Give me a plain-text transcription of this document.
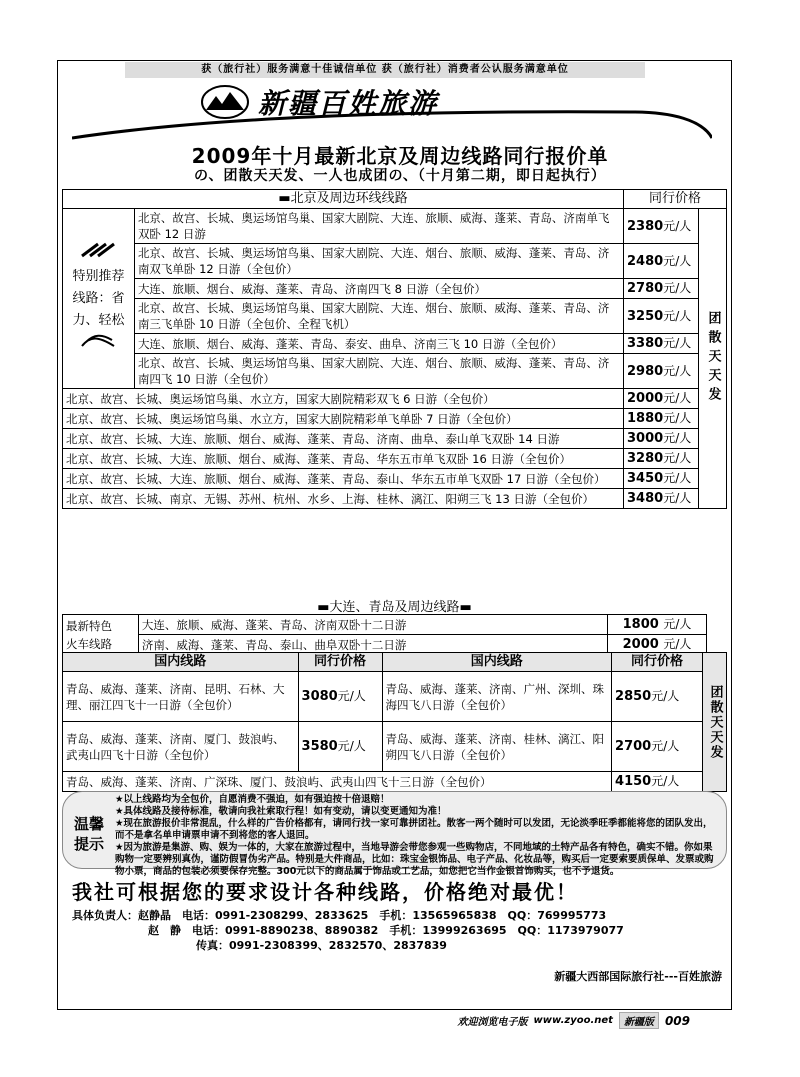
获（旅行社）服务满意十佳诚信单位 获（旅行社）消费者公认服务满意单位
新疆百姓旅游
2009年十月最新北京及周边线路同行报价单
の、团散天天发、一人也成团の、（十月第二期，即日起执行）
▬北京及周边环线线路		同行价格	

特别推荐线路：省力、轻松	北京、故宫、长城、奥运场馆鸟巢、国家大剧院、大连、旅顺、威海、蓬莱、青岛、济南单飞双卧 12 日游	2380元/人	团散天天发
	北京、故宫、长城、奥运场馆鸟巢、国家大剧院、大连、烟台、旅顺、威海、蓬莱、青岛、济南双飞单卧 12 日游（全包价）	2480元/人	
	大连、旅顺、烟台、威海、蓬莱、青岛、济南四飞 8 日游（全包价）	2780元/人	
	北京、故宫、长城、奥运场馆鸟巢、国家大剧院、大连、烟台、旅顺、威海、蓬莱、青岛、济南三飞单卧 10 日游（全包价、全程飞机）	3250元/人	
	大连、旅顺、烟台、威海、蓬莱、青岛、泰安、曲阜、济南三飞 10 日游（全包价）	3380元/人	
	北京、故宫、长城、奥运场馆鸟巢、国家大剧院、大连、烟台、旅顺、威海、蓬莱、青岛、济南四飞 10 日游（全包价）	2980元/人	
北京、故宫、长城、奥运场馆鸟巢、水立方，国家大剧院精彩双飞 6 日游（全包价）		2000元/人	
北京、故宫、长城、奥运场馆鸟巢、水立方，国家大剧院精彩单飞单卧 7 日游（全包价）		1880元/人	
北京、故宫、长城、大连、旅顺、烟台、威海、蓬莱、青岛、济南、曲阜、泰山单飞双卧 14 日游		3000元/人	
北京、故宫、长城、大连、旅顺、烟台、威海、蓬莱、青岛、华东五市单飞双卧 16 日游（全包价）		3280元/人	
北京、故宫、长城、大连、旅顺、烟台、威海、蓬莱、青岛、泰山、华东五市单飞双卧 17 日游（全包价）		3450元/人	
北京、故宫、长城、南京、无锡、苏州、杭州、水乡、上海、桂林、漓江、阳朔三飞 13 日游（全包价）		3480元/人	
▬大连、青岛及周边线路▬
最新特色
火车线路	大连、旅顺、威海、蓬莱、青岛、济南双卧十二日游	1800 元/人
	济南、威海、蓬莱、青岛、泰山、曲阜双卧十二日游	2000 元/人
国内线路	同行价格	国内线路	同行价格	团散天天发
青岛、威海、蓬莱、济南、昆明、石林、大理、丽江四飞十一日游（全包价）	3080元/人	青岛、威海、蓬莱、济南、广州、深圳、珠海四飞八日游（全包价）	2850元/人	
青岛、威海、蓬莱、济南、厦门、鼓浪屿、武夷山四飞十日游（全包价）	3580元/人	青岛、威海、蓬莱、济南、桂林、漓江、阳朔四飞八日游（全包价）	2700元/人	
青岛、威海、蓬莱、济南、广深珠、厦门、鼓浪屿、武夷山四飞十三日游（全包价）			4150元/人	
温馨提示
★以上线路均为全包价，自愿消费不强迫，如有强迫按十倍退赔！
★具体线路及接待标准，敬请向我社索取行程！如有变动，请以变更通知为准！
★现在旅游报价非常混乱，什么样的广告价格都有，请同行找一家可靠拼团社。散客一两个随时可以发团，无论淡季旺季都能将您的团队发出，而不是拿名单申请票申请不到将您的客人退回。
★因为旅游是集游、购、娱为一体的，大家在旅游过程中，当地导游会带您参观一些购物店，不同地域的土特产品各有特色，确实不错。你如果购物一定要辨别真伪，谨防假冒伪劣产品。特别是大件商品，比如：珠宝金银饰品、电子产品、化妆品等，购买后一定要索要质保单、发票或购物小票，商品的包装必须要保存完整。300元以下的商品属于饰品或工艺品，如您把它当作金银首饰购买，也不予退货。
我社可根据您的要求设计各种线路，价格绝对最优！
具体负责人：赵静晶　 电话：0991-2308299、2833625　 手机：13565965838　 QQ：769995773
赵　静　 电话：0991-8890238、8890382　 手机：13999263695　 QQ：1173979077
传真：0991-2308399、2832570、2837839
新疆大西部国际旅行社---百姓旅游
欢迎浏览电子版 www.zyoo.net	新疆版 009
